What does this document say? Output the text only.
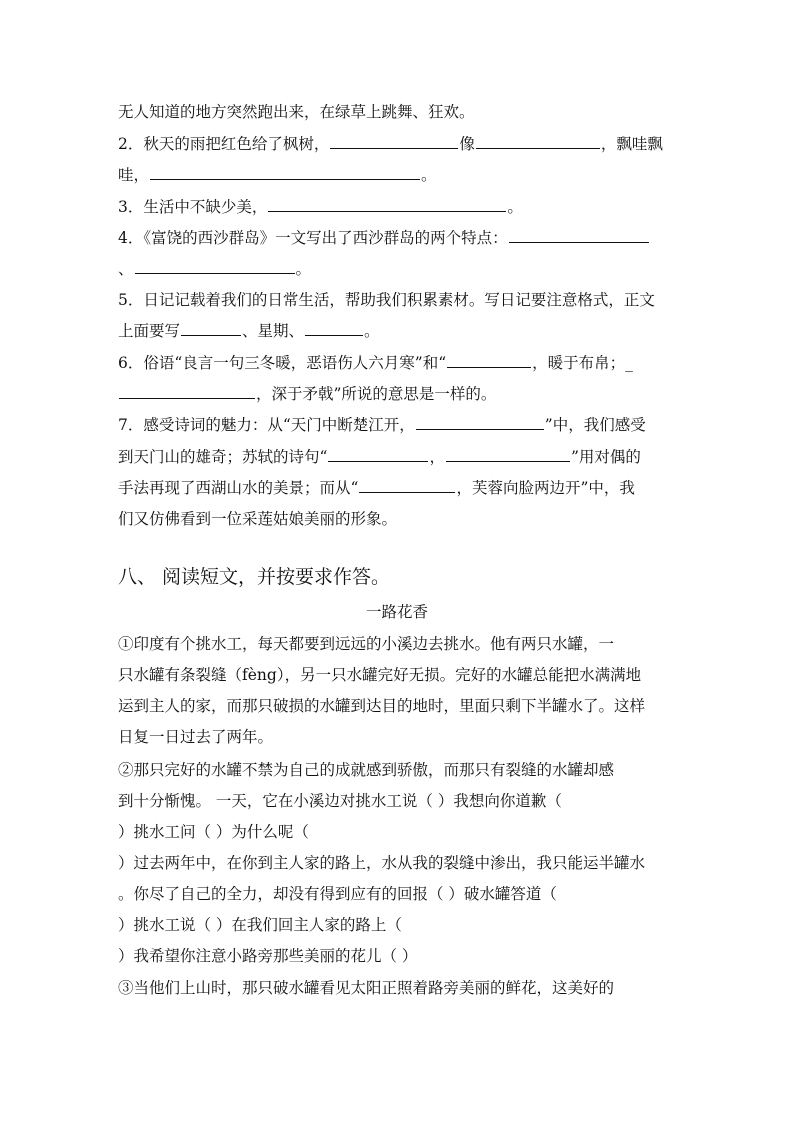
无人知道的地方突然跑出来，在绿草上跳舞、狂欢。
2．秋天的雨把红色给了枫树，	像	，飘哇飘
哇，	。
3．生活中不缺少美，	。
4．《富饶的西沙群岛》一文写出了西沙群岛的两个特点：
、	。
5．日记记载着我们的日常生活，帮助我们积累素材。写日记要注意格式，正文
上面要写	、星期、	。
6．俗语“良言一句三冬暖，恶语伤人六月寒”和“	，暖于布帛；_
，深于矛戟”所说的意思是一样的。
7．感受诗词的魅力：从“天门中断楚江开，	”中，我们感受
到天门山的雄奇；苏轼的诗句“	，	”用对偶的
手法再现了西湖山水的美景；而从“	，芙蓉向脸两边开”中，我
们又仿佛看到一位采莲姑娘美丽的形象。
八、 阅读短文，并按要求作答。
一路花香
①印度有个挑水工，每天都要到远远的小溪边去挑水。他有两只水罐，一
只水罐有条裂缝（fèng），另一只水罐完好无损。完好的水罐总能把水满满地
运到主人的家，而那只破损的水罐到达目的地时，里面只剩下半罐水了。这样
日复一日过去了两年。
②那只完好的水罐不禁为自己的成就感到骄傲，而那只有裂缝的水罐却感
到十分惭愧。 一天，它在小溪边对挑水工说（ ）我想向你道歉（
）挑水工问（ ）为什么呢（
）过去两年中，在你到主人家的路上，水从我的裂缝中渗出，我只能运半罐水
。你尽了自己的全力，却没有得到应有的回报（ ）破水罐答道（
）挑水工说（ ）在我们回主人家的路上（
）我希望你注意小路旁那些美丽的花儿（ ）
③当他们上山时，那只破水罐看见太阳正照着路旁美丽的鲜花，这美好的
